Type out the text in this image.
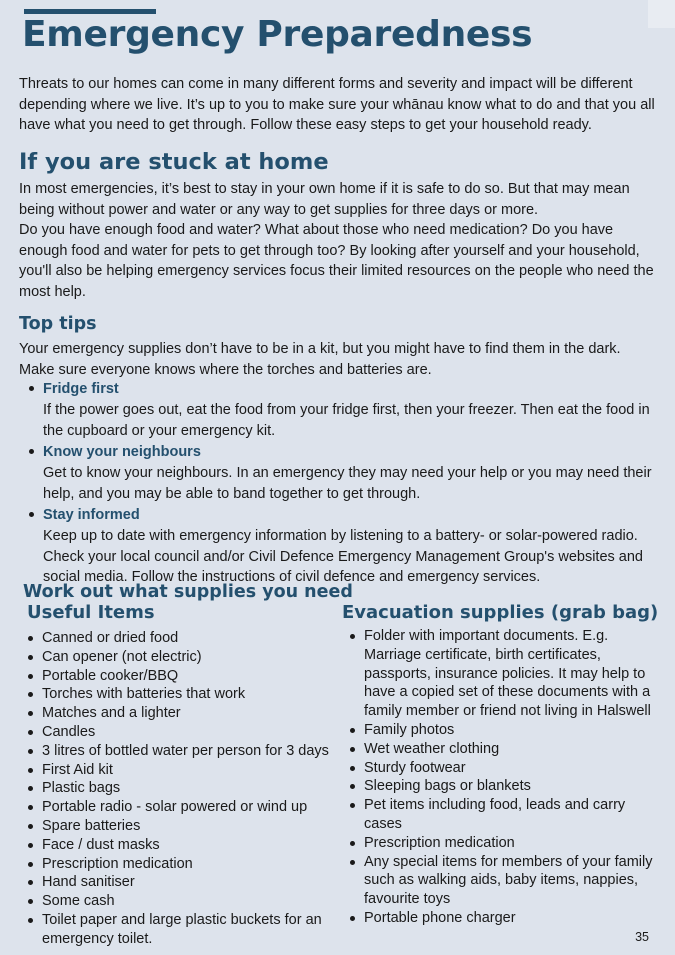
Emergency Preparedness

Threats to our homes can come in many different forms and severity and impact will be different depending where we live. It’s up to you to make sure your whānau know what to do and that you all have what you need to get through. Follow these easy steps to get your household ready.

If you are stuck at home

In most emergencies, it’s best to stay in your own home if it is safe to do so. But that may mean being without power and water or any way to get supplies for three days or more.

Do you have enough food and water? What about those who need medication? Do you have enough food and water for pets to get through too? By looking after yourself and your household, you'll also be helping emergency services focus their limited resources on the people who need the most help.

Top tips

Your emergency supplies don’t have to be in a kit, but you might have to find them in the dark. Make sure everyone knows where the torches and batteries are.

Fridge first
If the power goes out, eat the food from your fridge first, then your freezer. Then eat the food in the cupboard or your emergency kit.
Know your neighbours
Get to know your neighbours. In an emergency they may need your help or you may need their help, and you may be able to band together to get through.
Stay informed
Keep up to date with emergency information by listening to a battery- or solar-powered radio. Check your local council and/or Civil Defence Emergency Management Group's websites and social media. Follow the instructions of civil defence and emergency services.
Work out what supplies you need
Useful Items	Evacuation supplies (grab bag)
Canned or dried food
Can opener (not electric)
Portable cooker/BBQ
Torches with batteries that work
Matches and a lighter
Candles
3 litres of bottled water per person for 3 days
First Aid kit
Plastic bags
Portable radio - solar powered or wind up
Spare batteries
Face / dust masks
Prescription medication
Hand sanitiser
Some cash
Toilet paper and large plastic buckets for an emergency toilet.
Folder with important documents. E.g. Marriage certificate, birth certificates, passports, insurance policies. It may help to have a copied set of these documents with a family member or friend not living in Halswell
Family photos
Wet weather clothing
Sturdy footwear
Sleeping bags or blankets
Pet items including food, leads and carry cases
Prescription medication
Any special items for members of your family such as walking aids, baby items, nappies, favourite toys
Portable phone charger
35
